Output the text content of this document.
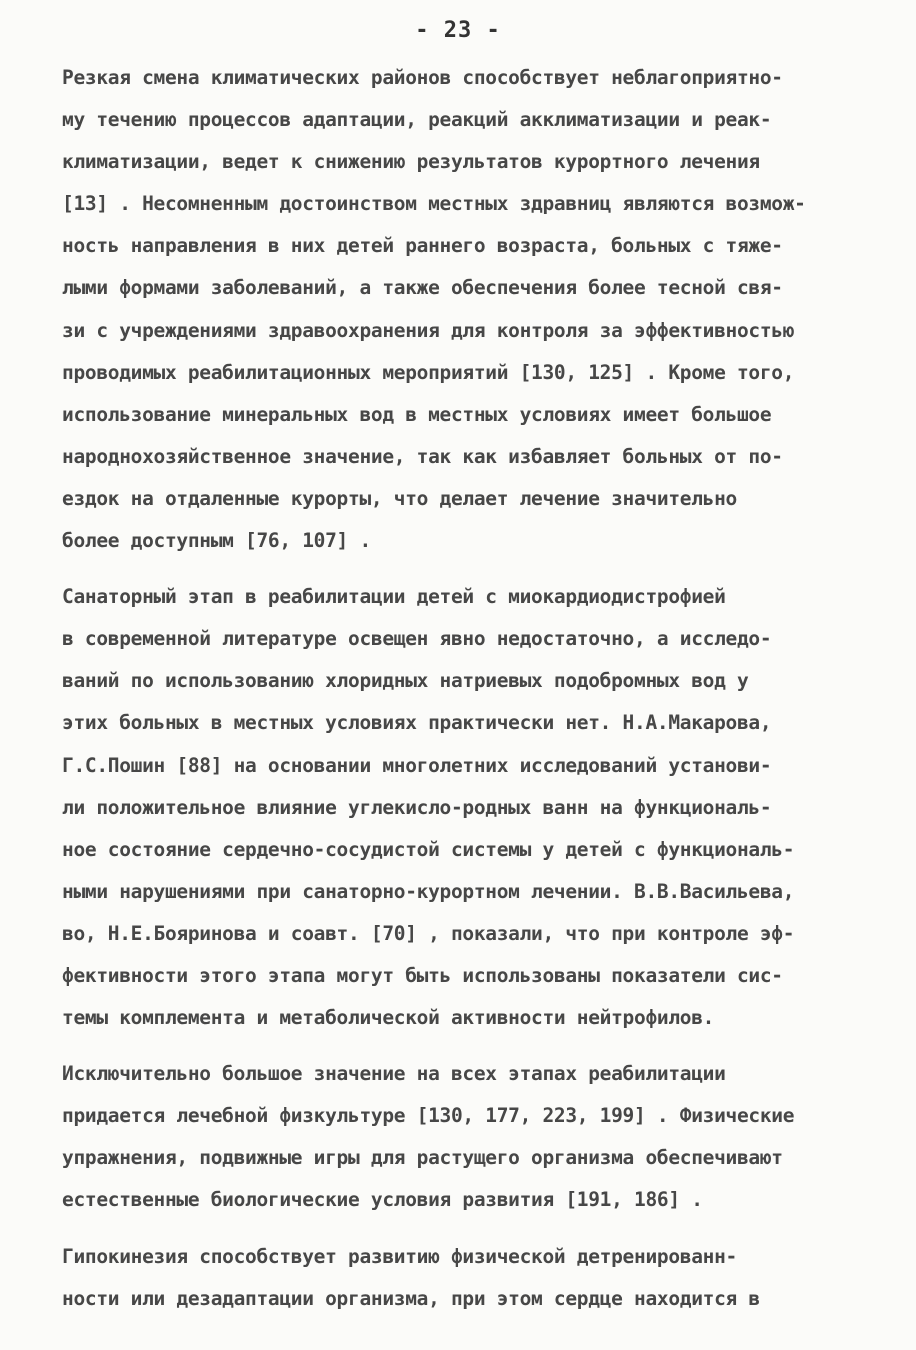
- 23 -
Резкая смена климатических районов способствует неблагоприятно-
му течению процессов адаптации, реакций акклиматизации и реак-
климатизации, ведет к снижению результатов курортного лечения
[13] . Несомненным достоинством местных здравниц являются возмож-
ность направления в них детей раннего возраста, больных с тяже-
лыми формами заболеваний, а также обеспечения более тесной свя-
зи с учреждениями здравоохранения для контроля за эффективностью
проводимых реабилитационных мероприятий [130, 125] . Кроме того,
использование минеральных вод в местных условиях имеет большое
народнохозяйственное значение, так как избавляет больных от по-
ездок на отдаленные курорты, что делает лечение значительно
более доступным [76, 107] .
Санаторный этап в реабилитации детей с миокардиодистрофией
в современной литературе освещен явно недостаточно, а исследо-
ваний по использованию хлоридных натриевых подобромных вод у
этих больных в местных условиях практически нет. Н.А.Макарова,
Г.С.Пошин [88] на основании многолетних исследований установи-
ли положительное влияние углекисло-родных ванн на функциональ-
ное состояние сердечно-сосудистой системы у детей с функциональ-
ными нарушениями при санаторно-курортном лечении. В.В.Васильева,
во, Н.Е.Бояринова и соавт. [70] , показали, что при контроле эф-
фективности этого этапа могут быть использованы показатели сис-
темы комплемента и метаболической активности нейтрофилов.
Исключительно большое значение на всех этапах реабилитации
придается лечебной физкультуре [130, 177, 223, 199] . Физические
упражнения, подвижные игры для растущего организма обеспечивают
естественные биологические условия развития [191, 186] .
Гипокинезия способствует развитию физической детренированн-
ности или дезадаптации организма, при этом сердце находится в
